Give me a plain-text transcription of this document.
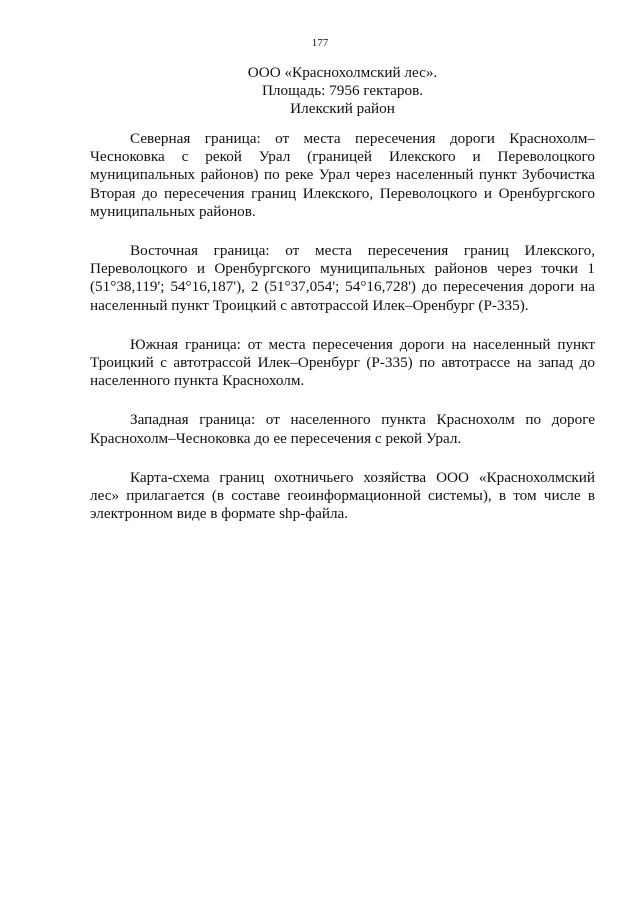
177
ООО «Краснохолмский лес».
Площадь: 7956 гектаров.
Илекский район

Северная граница: от места пересечения дороги Краснохолм–Чесноковка с рекой Урал (границей Илекского и Переволоцкого муниципальных районов) по реке Урал через населенный пункт Зубочистка Вторая до пересечения границ Илекского, Переволоцкого и Оренбургского муниципальных районов.

Восточная граница: от места пересечения границ Илекского, Переволоцкого и Оренбургского муниципальных районов через точки 1 (51°38,119'; 54°16,187'), 2 (51°37,054'; 54°16,728') до пересечения дороги на населенный пункт Троицкий с автотрассой Илек–Оренбург (Р-335).

Южная граница: от места пересечения дороги на населенный пункт Троицкий с автотрассой Илек–Оренбург (Р-335) по автотрассе на запад до населенного пункта Краснохолм.

Западная граница: от населенного пункта Краснохолм по дороге Краснохолм–Чесноковка до ее пересечения с рекой Урал.

Карта-схема границ охотничьего хозяйства ООО «Краснохолмский лес» прилагается (в составе геоинформационной системы), в том числе в электронном виде в формате shp-файла.
